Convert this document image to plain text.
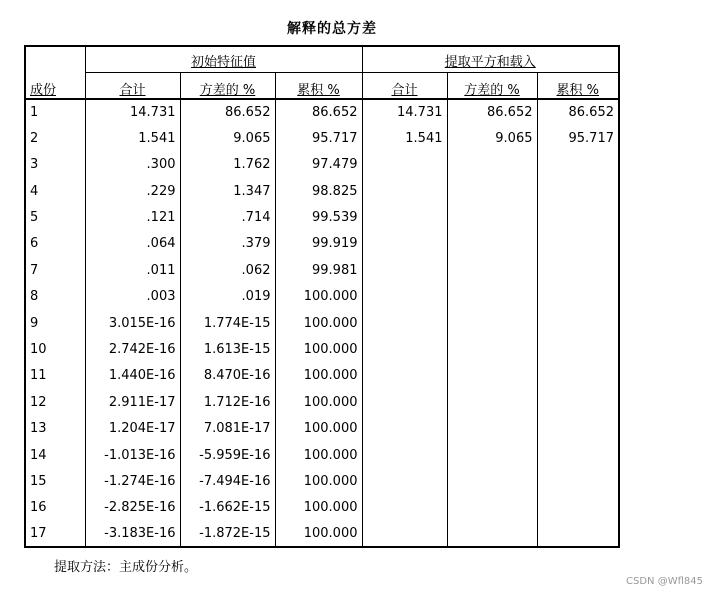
解释的总方差
	初始特征值			提取平方和载入		
成份	合计	方差的 %	累积 %	合计	方差的 %	累积 %
1	14.731	86.652	86.652	14.731	86.652	86.652
2	1.541	9.065	95.717	1.541	9.065	95.717
3	.300	1.762	97.479			
4	.229	1.347	98.825			
5	.121	.714	99.539			
6	.064	.379	99.919			
7	.011	.062	99.981			
8	.003	.019	100.000			
9	3.015E-16	1.774E-15	100.000			
10	2.742E-16	1.613E-15	100.000			
11	1.440E-16	8.470E-16	100.000			
12	2.911E-17	1.712E-16	100.000			
13	1.204E-17	7.081E-17	100.000			
14	-1.013E-16	-5.959E-16	100.000			
15	-1.274E-16	-7.494E-16	100.000			
16	-2.825E-16	-1.662E-15	100.000			
17	-3.183E-16	-1.872E-15	100.000			
提取方法：主成份分析。
CSDN @Wfl845
